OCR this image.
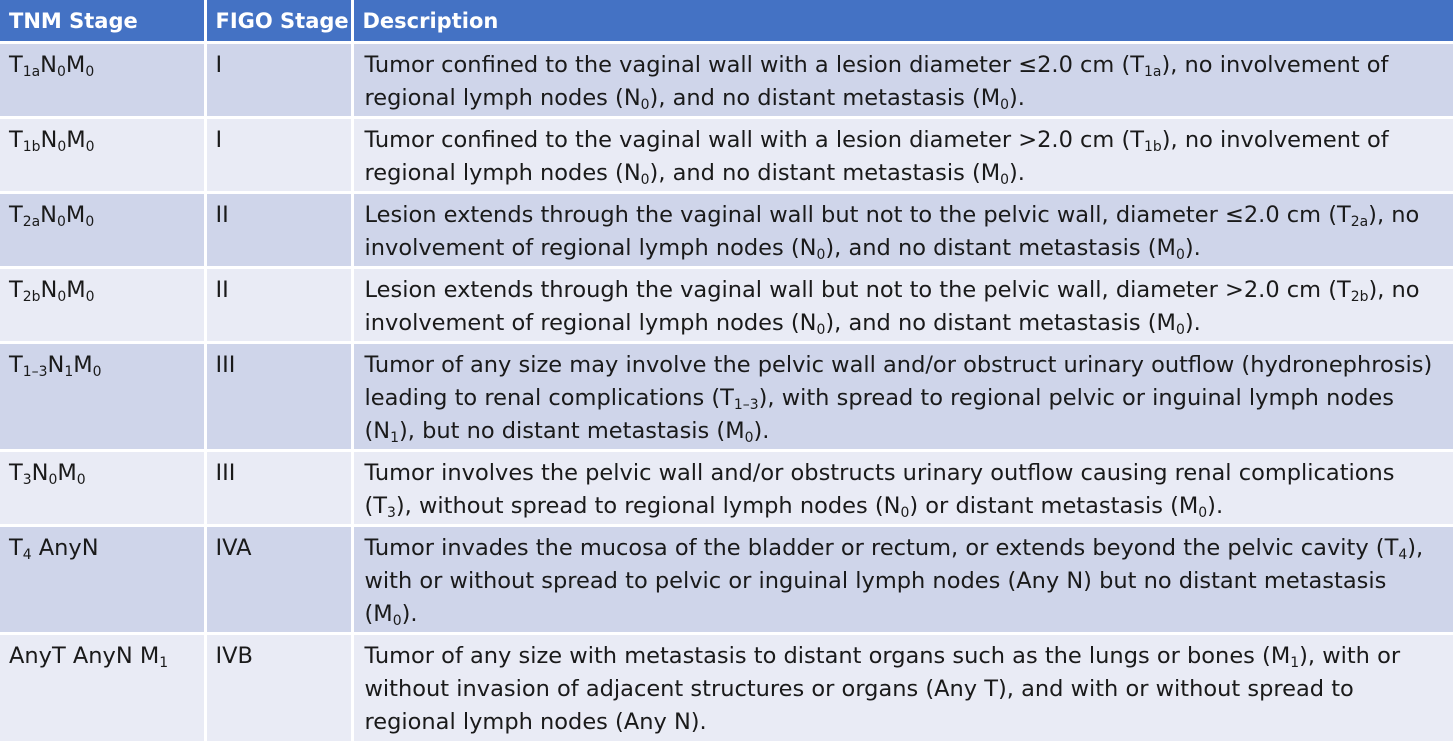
TNM Stage	FIGO Stage	Description
$T_{1a}N_0M_0$	I	Tumor confined to the vaginal wall with a lesion diameter ≤2.0 cm $(T_{1a})$, no involvement of regional lymph nodes $(N_0)$, and no distant metastasis $(M_0)$.
$T_{1b}N_0M_0$	I	Tumor confined to the vaginal wall with a lesion diameter >2.0 cm $(T_{1b})$, no involvement of regional lymph nodes $(N_0)$, and no distant metastasis $(M_0)$.
$T_{2a}N_0M_0$	II	Lesion extends through the vaginal wall but not to the pelvic wall, diameter ≤2.0 cm $(T_{2a})$, no involvement of regional lymph nodes $(N_0)$, and no distant metastasis $(M_0)$.
$T_{2b}N_0M_0$	II	Lesion extends through the vaginal wall but not to the pelvic wall, diameter >2.0 cm $(T_{2b})$, no involvement of regional lymph nodes $(N_0)$, and no distant metastasis $(M_0)$.
$T_{1-3}N_1M_0$	III	Tumor of any size may involve the pelvic wall and/or obstruct urinary outflow (hydronephrosis) leading to renal complications $(T_{1-3})$, with spread to regional pelvic or inguinal lymph nodes $(N_1)$, but no distant metastasis $(M_0)$.
$T_3N_0M_0$	III	Tumor involves the pelvic wall and/or obstructs urinary outflow causing renal complications $(T_3)$, without spread to regional lymph nodes $(N_0)$ or distant metastasis $(M_0)$.
$T_4$ AnyN	IVA	Tumor invades the mucosa of the bladder or rectum, or extends beyond the pelvic cavity $(T_4)$, with or without spread to pelvic or inguinal lymph nodes (Any N) but no distant metastasis $(M_0)$.
AnyT AnyN $M_1$	IVB	Tumor of any size with metastasis to distant organs such as the lungs or bones $(M_1)$, with or without invasion of adjacent structures or organs (Any T), and with or without spread to regional lymph nodes (Any N).
